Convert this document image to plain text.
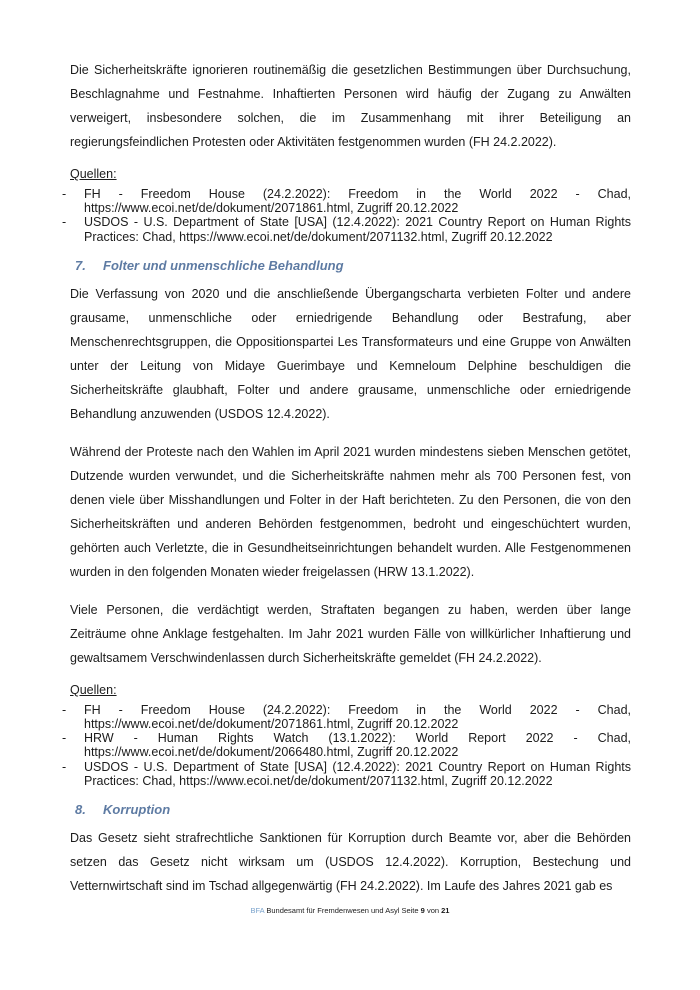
Die Sicherheitskräfte ignorieren routinemäßig die gesetzlichen Bestimmungen über Durchsuchung, Beschlagnahme und Festnahme. Inhaftierten Personen wird häufig der Zugang zu Anwälten verweigert, insbesondere solchen, die im Zusammenhang mit ihrer Beteiligung an regierungsfeindlichen Protesten oder Aktivitäten festgenommen wurden (FH 24.2.2022).

Quellen:
-	FH - Freedom House (24.2.2022): Freedom in the World 2022 - Chad, https://www.ecoi.net/de/dokument/2071861.html, Zugriff 20.12.2022
-	USDOS - U.S. Department of State [USA] (12.4.2022): 2021 Country Report on Human Rights Practices: Chad, https://www.ecoi.net/de/dokument/2071132.html, Zugriff 20.12.2022
7.	Folter und unmenschliche Behandlung

Die Verfassung von 2020 und die anschließende Übergangscharta verbieten Folter und andere grausame, unmenschliche oder erniedrigende Behandlung oder Bestrafung, aber Menschenrechtsgruppen, die Oppositionspartei Les Transformateurs und eine Gruppe von Anwälten unter der Leitung von Midaye Guerimbaye und Kemneloum Delphine beschuldigen die Sicherheitskräfte glaubhaft, Folter und andere grausame, unmenschliche oder erniedrigende Behandlung anzuwenden (USDOS 12.4.2022).

Während der Proteste nach den Wahlen im April 2021 wurden mindestens sieben Menschen getötet, Dutzende wurden verwundet, und die Sicherheitskräfte nahmen mehr als 700 Personen fest, von denen viele über Misshandlungen und Folter in der Haft berichteten. Zu den Personen, die von den Sicherheitskräften und anderen Behörden festgenommen, bedroht und eingeschüchtert wurden, gehörten auch Verletzte, die in Gesundheitseinrichtungen behandelt wurden. Alle Festgenommenen wurden in den folgenden Monaten wieder freigelassen (HRW 13.1.2022).

Viele Personen, die verdächtigt werden, Straftaten begangen zu haben, werden über lange Zeiträume ohne Anklage festgehalten. Im Jahr 2021 wurden Fälle von willkürlicher Inhaftierung und gewaltsamem Verschwindenlassen durch Sicherheitskräfte gemeldet (FH 24.2.2022).

Quellen:
-	FH - Freedom House (24.2.2022): Freedom in the World 2022 - Chad, https://www.ecoi.net/de/dokument/2071861.html, Zugriff 20.12.2022
-	HRW - Human Rights Watch (13.1.2022): World Report 2022 - Chad, https://www.ecoi.net/de/dokument/2066480.html, Zugriff 20.12.2022
-	USDOS - U.S. Department of State [USA] (12.4.2022): 2021 Country Report on Human Rights Practices: Chad, https://www.ecoi.net/de/dokument/2071132.html, Zugriff 20.12.2022
8.	Korruption

Das Gesetz sieht strafrechtliche Sanktionen für Korruption durch Beamte vor, aber die Behörden setzen das Gesetz nicht wirksam um (USDOS 12.4.2022). Korruption, Bestechung und Vetternwirtschaft sind im Tschad allgegenwärtig (FH 24.2.2022). Im Laufe des Jahres 2021 gab es

BFA Bundesamt für Fremdenwesen und Asyl Seite 9 von 21
